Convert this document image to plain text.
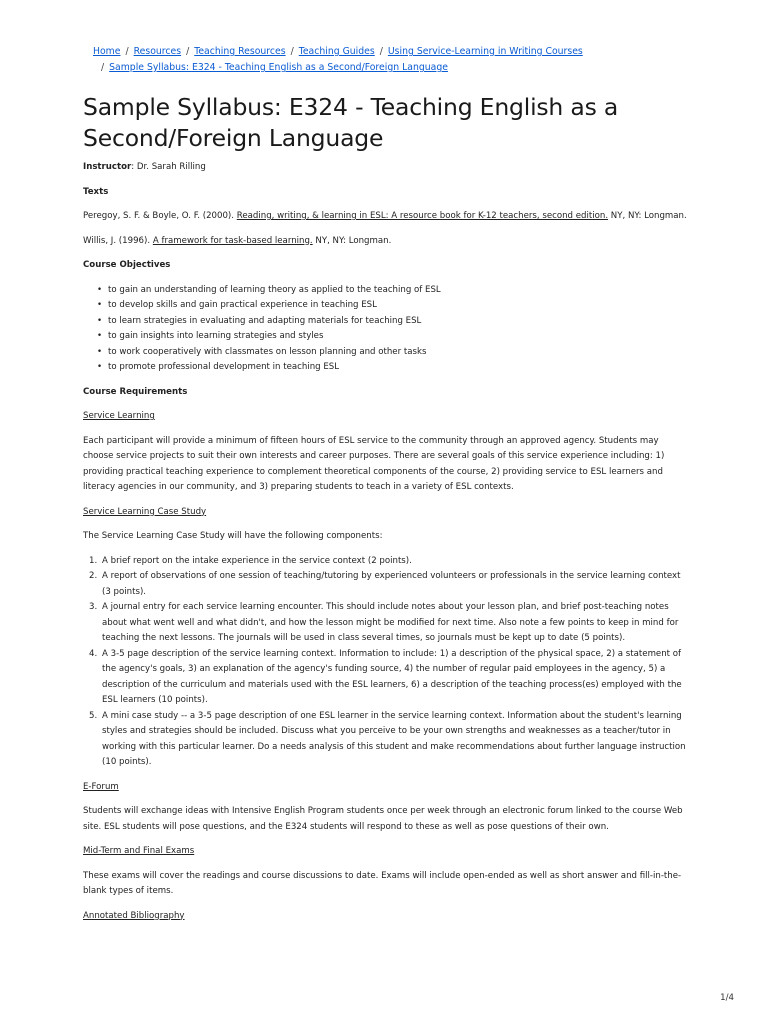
Home / Resources / Teaching Resources / Teaching Guides / Using Service-Learning in Writing Courses
/ Sample Syllabus: E324 - Teaching English as a Second/Foreign Language
Sample Syllabus: E324 - Teaching English as a Second/Foreign Language

Instructor: Dr. Sarah Rilling

Texts

Peregoy, S. F. & Boyle, O. F. (2000). Reading, writing, & learning in ESL: A resource book for K-12 teachers, second edition. NY, NY: Longman.

Willis, J. (1996). A framework for task-based learning. NY, NY: Longman.

Course Objectives

• to gain an understanding of learning theory as applied to the teaching of ESL
• to develop skills and gain practical experience in teaching ESL
• to learn strategies in evaluating and adapting materials for teaching ESL
• to gain insights into learning strategies and styles
• to work cooperatively with classmates on lesson planning and other tasks
• to promote professional development in teaching ESL

Course Requirements

Service Learning

Each participant will provide a minimum of fifteen hours of ESL service to the community through an approved agency. Students may choose service projects to suit their own interests and career purposes. There are several goals of this service experience including: 1) providing practical teaching experience to complement theoretical components of the course, 2) providing service to ESL learners and literacy agencies in our community, and 3) preparing students to teach in a variety of ESL contexts.

Service Learning Case Study

The Service Learning Case Study will have the following components:

1. A brief report on the intake experience in the service context (2 points).
2. A report of observations of one session of teaching/tutoring by experienced volunteers or professionals in the service learning context (3 points).
3. A journal entry for each service learning encounter. This should include notes about your lesson plan, and brief post-teaching notes about what went well and what didn't, and how the lesson might be modified for next time. Also note a few points to keep in mind for teaching the next lessons. The journals will be used in class several times, so journals must be kept up to date (5 points).
4. A 3-5 page description of the service learning context. Information to include: 1) a description of the physical space, 2) a statement of the agency's goals, 3) an explanation of the agency's funding source, 4) the number of regular paid employees in the agency, 5) a description of the curriculum and materials used with the ESL learners, 6) a description of the teaching process(es) employed with the ESL learners (10 points).
5. A mini case study -- a 3-5 page description of one ESL learner in the service learning context. Information about the student's learning styles and strategies should be included. Discuss what you perceive to be your own strengths and weaknesses as a teacher/tutor in working with this particular learner. Do a needs analysis of this student and make recommendations about further language instruction (10 points).

E-Forum

Students will exchange ideas with Intensive English Program students once per week through an electronic forum linked to the course Web site. ESL students will pose questions, and the E324 students will respond to these as well as pose questions of their own.

Mid-Term and Final Exams

These exams will cover the readings and course discussions to date. Exams will include open-ended as well as short answer and fill-in-the-blank types of items.

Annotated Bibliography

1/4
